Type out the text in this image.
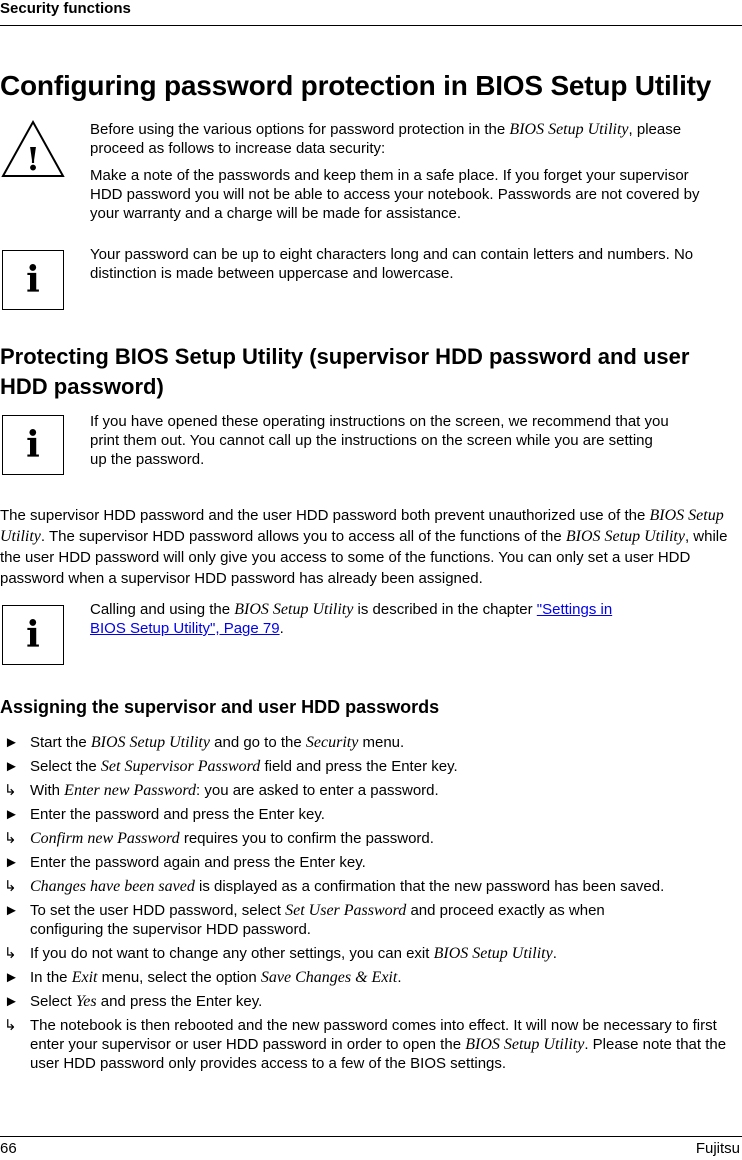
Security functions
Configuring password protection in BIOS Setup Utility
!

Before using the various options for password protection in the BIOS Setup Utility, please proceed as follows to increase data security:

Make a note of the passwords and keep them in a safe place. If you forget your supervisor HDD password you will not be able to access your notebook. Passwords are not covered by your warranty and a charge will be made for assistance.

i
Your password can be up to eight characters long and can contain letters and numbers. No distinction is made between uppercase and lowercase.
Protecting BIOS Setup Utility (supervisor HDD password and user HDD password)
i
If you have opened these operating instructions on the screen, we recommend that you print them out. You cannot call up the instructions on the screen while you are setting up the password.
The supervisor HDD password and the user HDD password both prevent unauthorized use of the BIOS Setup Utility. The supervisor HDD password allows you to access all of the functions of the BIOS Setup Utility, while the user HDD password will only give you access to some of the functions. You can only set a user HDD password when a supervisor HDD password has already been assigned.
i
Calling and using the BIOS Setup Utility is described in the chapter "Settings in BIOS Setup Utility", Page 79.
Assigning the supervisor and user HDD passwords
► Start the BIOS Setup Utility and go to the Security menu.
► Select the Set Supervisor Password field and press the Enter key.
↳ With Enter new Password: you are asked to enter a password.
► Enter the password and press the Enter key.
↳ Confirm new Password requires you to confirm the password.
► Enter the password again and press the Enter key.
↳ Changes have been saved is displayed as a confirmation that the new password has been saved.
► To set the user HDD password, select Set User Password and proceed exactly as when configuring the supervisor HDD password.
↳ If you do not want to change any other settings, you can exit BIOS Setup Utility.
► In the Exit menu, select the option Save Changes & Exit.
► Select Yes and press the Enter key.
↳ The notebook is then rebooted and the new password comes into effect. It will now be necessary to first enter your supervisor or user HDD password in order to open the BIOS Setup Utility. Please note that the user HDD password only provides access to a few of the BIOS settings.
66	Fujitsu
